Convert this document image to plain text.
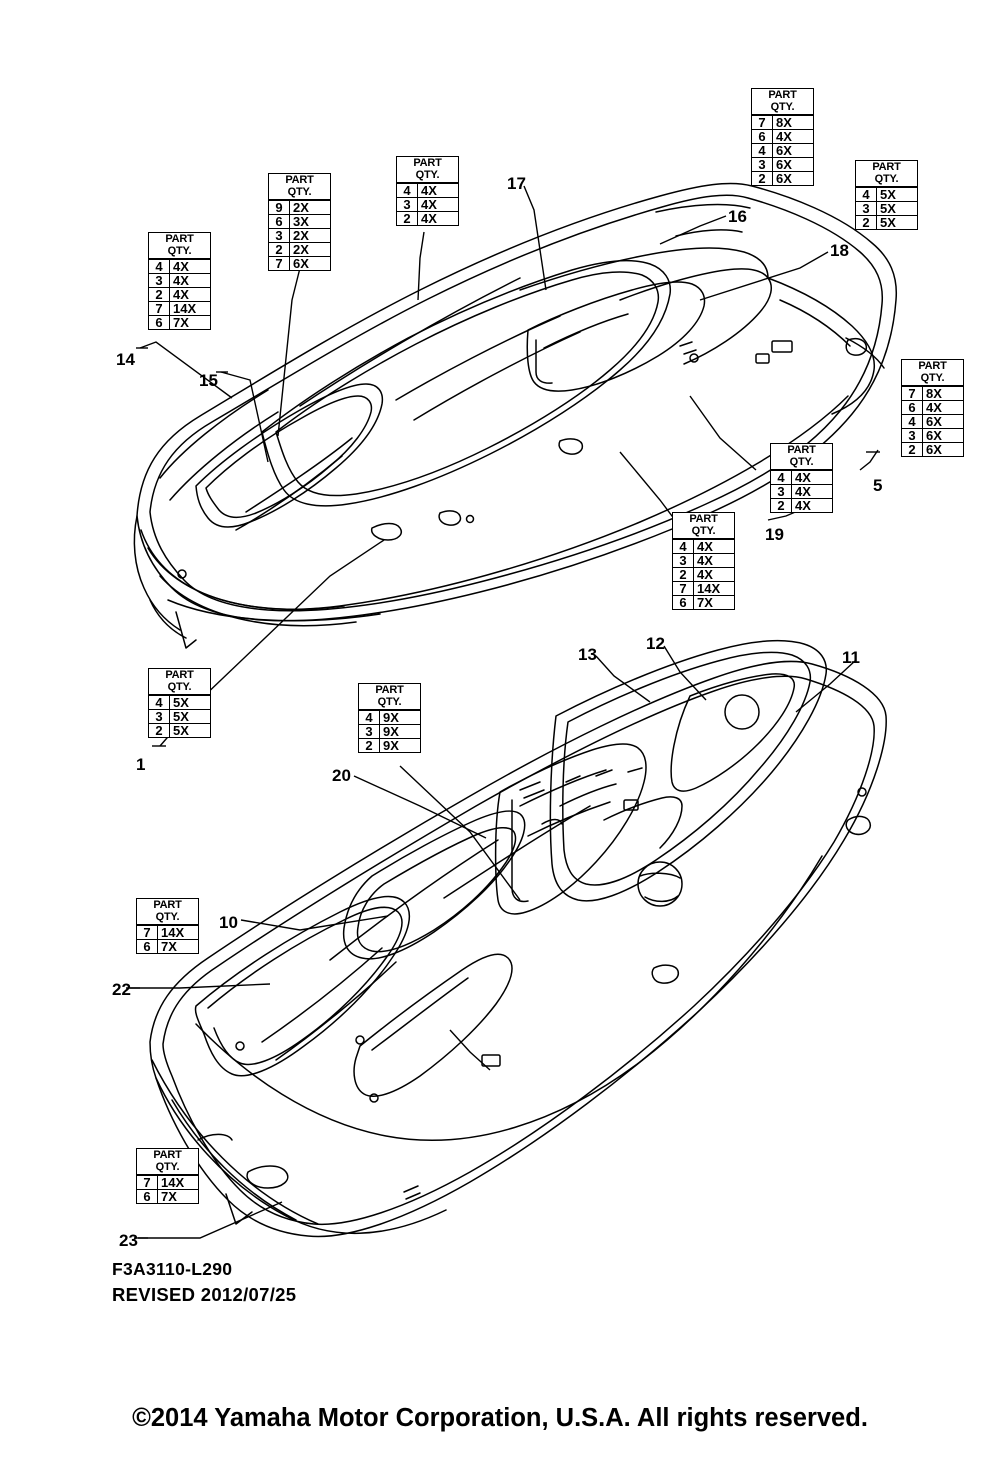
PART
QTY.
4 4X
3 4X
2 4X
7 14X
6 7X
PART
QTY.
9 2X
6 3X
3 2X
2 2X
7 6X
PART
QTY.
4 4X
3 4X
2 4X
PART
QTY.
7 8X
6 4X
4 6X
3 6X
2 6X
PART
QTY.
4 5X
3 5X
2 5X
PART
QTY.
7 8X
6 4X
4 6X
3 6X
2 6X
PART
QTY.
4 4X
3 4X
2 4X
PART
QTY.
4 4X
3 4X
2 4X
7 14X
6 7X
PART
QTY.
4 5X
3 5X
2 5X
PART
QTY.
4 9X
3 9X
2 9X
PART
QTY.
7 14X
6 7X
PART
QTY.
7 14X
6 7X
17
16
18
14
15
5
19
1
13
12
11
20
10
22
23
F3A3110-L290
REVISED 2012/07/25
©2014 Yamaha Motor Corporation, U.S.A. All rights reserved.
